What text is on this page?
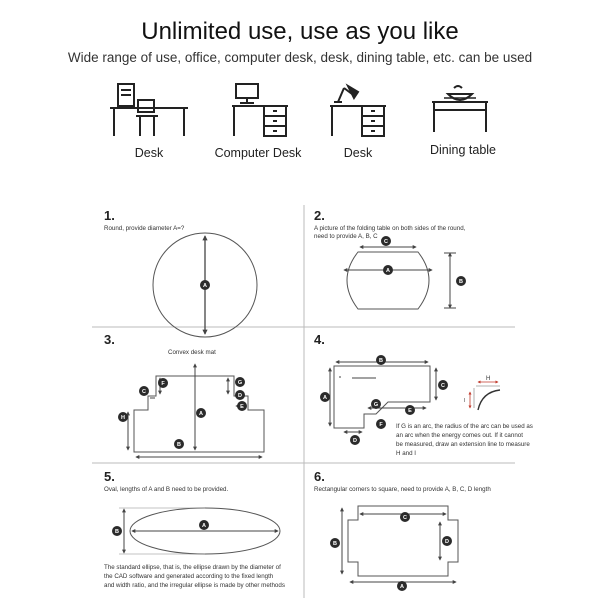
Unlimited use, use as you like
Wide range of use, office, computer desk, desk, dining table, etc. can be used
Desk	Computer Desk	Desk	Dining table
1.
Round, provide diameter A=?
A
2.
A picture of the folding table on both sides of the round,
need to provide A, B, C
C
A
B
3.
Convex desk mat
C
F	G
D
E
A
H
B
4.
B
A
C
G
E
F
D
H
I
If G is an arc, the radius of the arc can be used as
an arc when the energy comes out. If it cannot
be measured, draw an extension line to measure
H and I
5.
Oval, lengths of A and B need to be provided.
A
B
The standard ellipse, that is, the ellipse drawn by the diameter of
the CAD software and generated according to the fixed length
and width ratio, and the irregular ellipse is made by other methods
6.
Rectangular corners to square, need to provide A, B, C, D length
C
D
B
A
